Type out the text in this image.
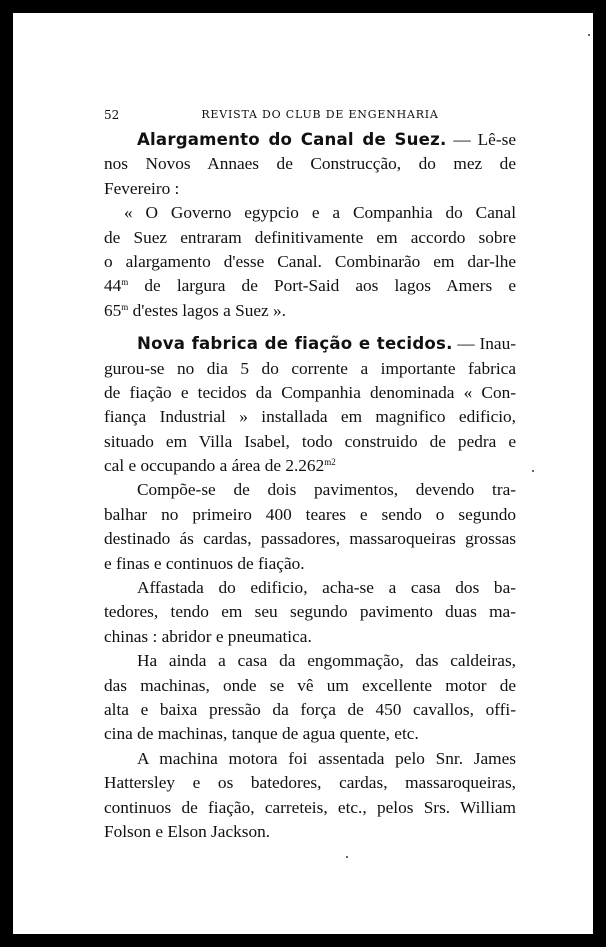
52	REVISTA DO CLUB DE ENGENHARIA
Alargamento do Canal de Suez. — Lê-se
nos Novos Annaes de Construcção, do mez de
Fevereiro :
« O Governo egypcio e a Companhia do Canal
de Suez entraram definitivamente em accordo sobre
o alargamento d'esse Canal. Combinarão em dar-lhe
44$^m$ de largura de Port-Said aos lagos Amers e
65$^m$ d'estes lagos a Suez ».
Nova fabrica de fiação e tecidos. — Inau-
gurou-se no dia 5 do corrente a importante fabrica
de fiação e tecidos da Companhia denominada « Con-
fiança Industrial » installada em magnifico edificio,
situado em Villa Isabel, todo construido de pedra e
cal e occupando a área de $2.262^{m2}$
Compõe-se de dois pavimentos, devendo tra-
balhar no primeiro 400 teares e sendo o segundo
destinado ás cardas, passadores, massaroqueiras grossas
e finas e continuos de fiação.
Affastada do edificio, acha-se a casa dos ba-
tedores, tendo em seu segundo pavimento duas ma-
chinas : abridor e pneumatica.
Ha ainda a casa da engommação, das caldeiras,
das machinas, onde se vê um excellente motor de
alta e baixa pressão da força de 450 cavallos, offi-
cina de machinas, tanque de agua quente, etc.
A machina motora foi assentada pelo Snr. James
Hattersley e os batedores, cardas, massaroqueiras,
continuos de fiação, carreteis, etc., pelos Srs. William
Folson e Elson Jackson.
